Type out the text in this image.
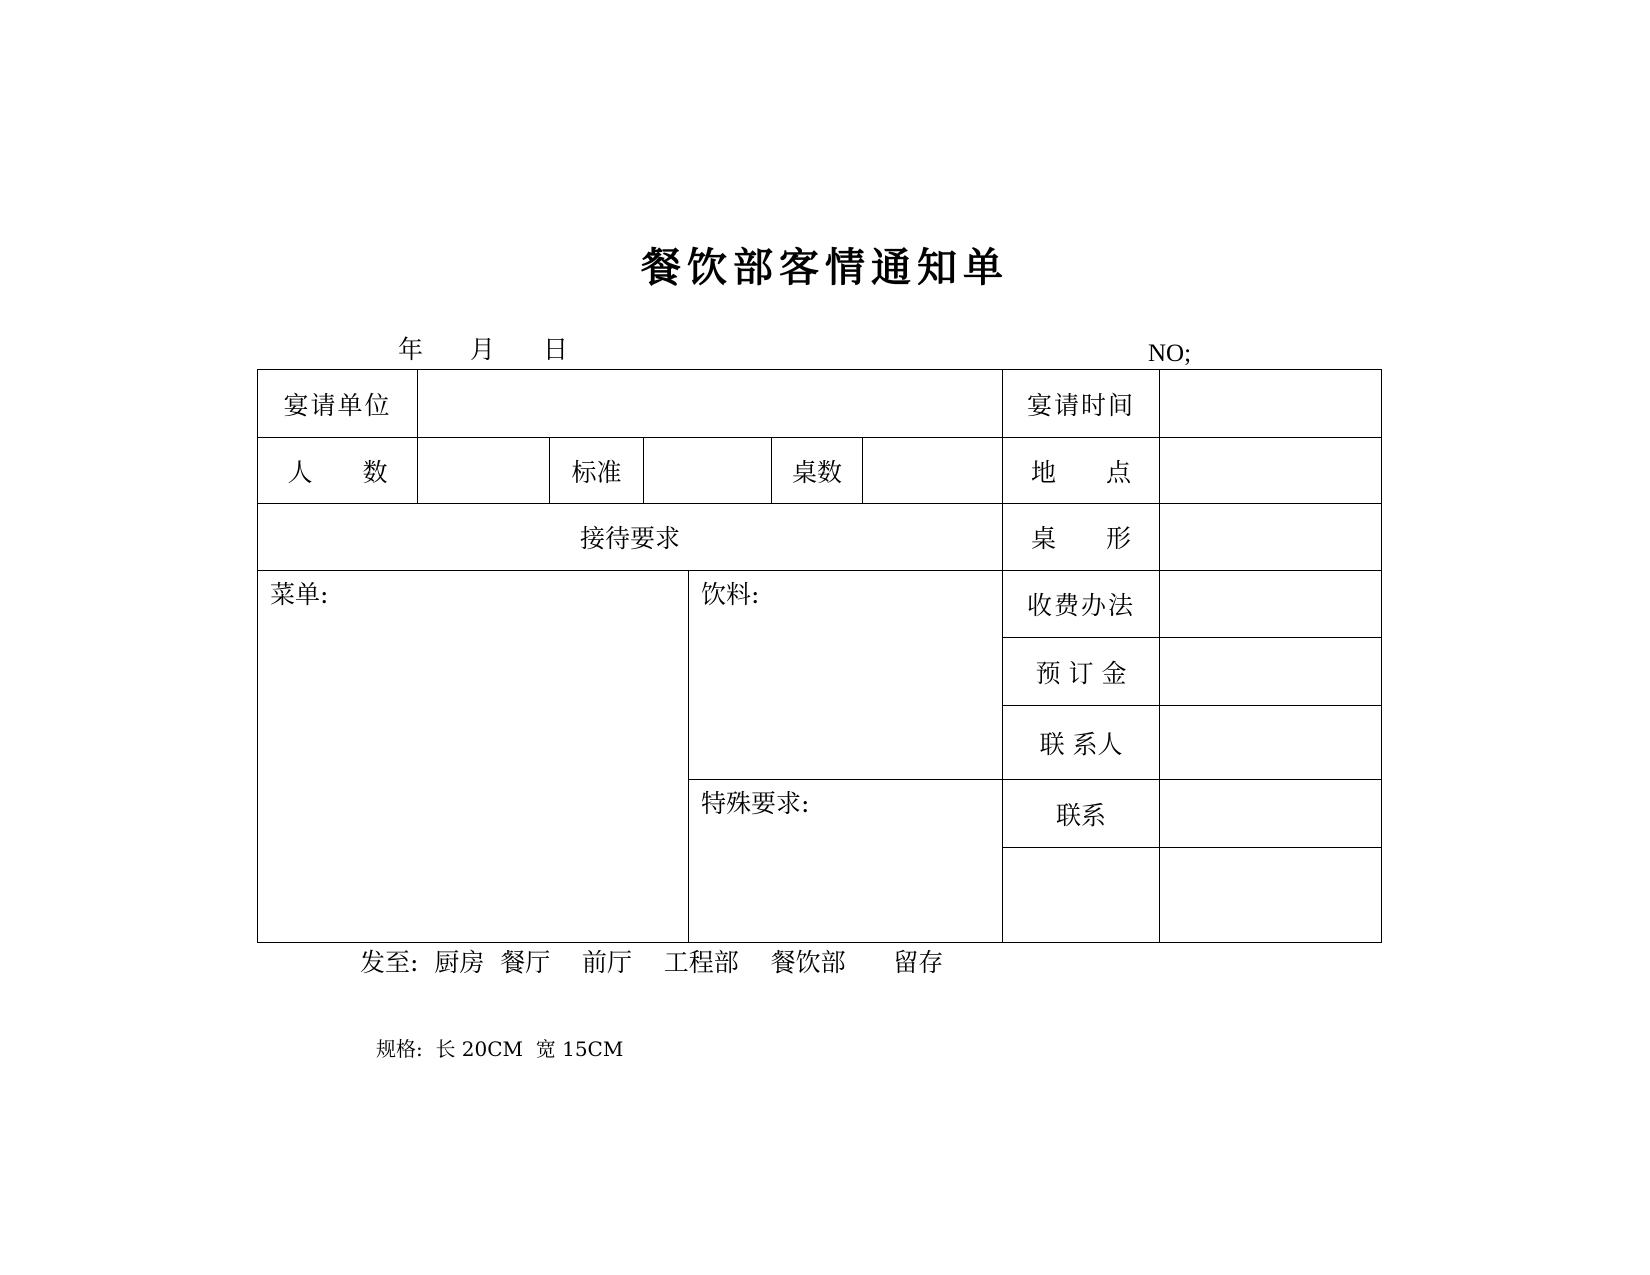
餐饮部客情通知单
年 月 日	NO;
宴请单位							宴请时间	
人　　数		标准			桌数		地　　点	
接待要求							桌　　形	
菜单:				饮料:			收费办法	
							预 订 金	
							联 系人	
				特殊要求:			联系	

发至:  厨房  餐厅    前厅    工程部    餐饮部      留存
规格:  长 20CM  宽 15CM
